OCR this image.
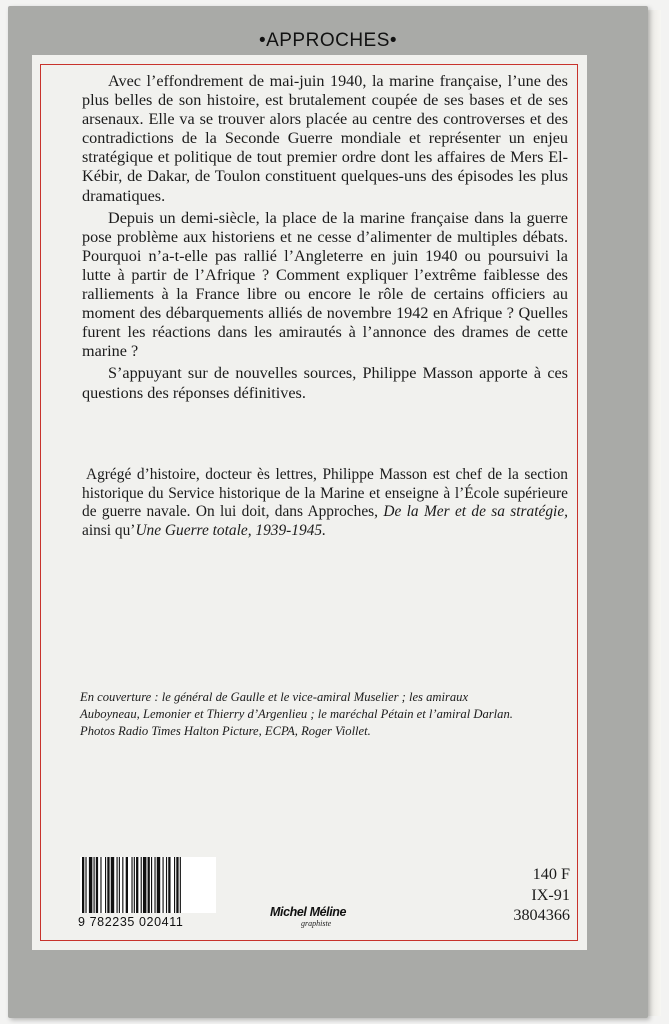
•APPROCHES•

Avec l’effondrement de mai-juin 1940, la marine française, l’une des plus belles de son histoire, est brutalement coupée de ses bases et de ses arsenaux. Elle va se trouver alors placée au centre des controverses et des contradictions de la Seconde Guerre mondiale et représenter un enjeu stratégique et politique de tout premier ordre dont les affaires de Mers El-Kébir, de Dakar, de Toulon constituent quelques-uns des épisodes les plus dramatiques.

Depuis un demi-siècle, la place de la marine française dans la guerre pose problème aux historiens et ne cesse d’alimenter de multiples débats. Pourquoi n’a-t-elle pas rallié l’Angleterre en juin 1940 ou poursuivi la lutte à partir de l’Afrique ? Comment expliquer l’extrême faiblesse des ralliements à la France libre ou encore le rôle de certains officiers au moment des débarquements alliés de novembre 1942 en Afrique ? Quelles furent les réactions dans les amirautés à l’annonce des drames de cette marine ?

S’appuyant sur de nouvelles sources, Philippe Masson apporte à ces questions des réponses définitives.

Agrégé d’histoire, docteur ès lettres, Philippe Masson est chef de la section historique du Service historique de la Marine et enseigne à l’École supérieure de guerre navale. On lui doit, dans Approches, De la Mer et de sa stratégie, ainsi qu’Une Guerre totale, 1939-1945.
En couverture : le général de Gaulle et le vice-amiral Muselier ; les amiraux
Auboyneau, Lemonier et Thierry d’Argenlieu ; le maréchal Pétain et l’amiral Darlan.
Photos Radio Times Halton Picture, ECPA, Roger Viollet.
9 782235 020411
Michel Méline
graphiste
140 F
IX-91
3804366
